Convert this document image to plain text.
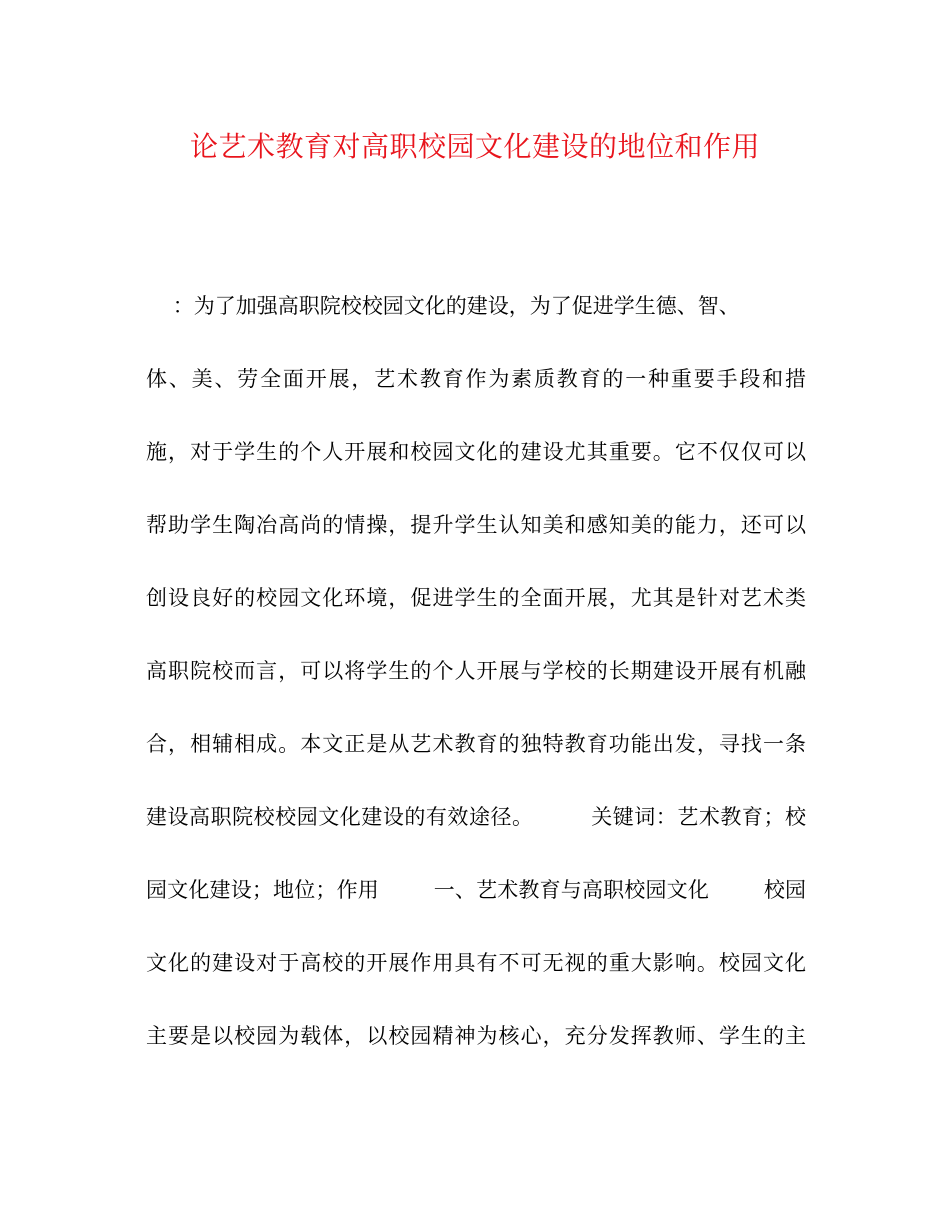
论艺术教育对高职校园文化建设的地位和作用
：为了加强高职院校校园文化的建设，为了促进学生德、智、
体、美、劳全面开展，艺术教育作为素质教育的一种重要手段和措
施，对于学生的个人开展和校园文化的建设尤其重要。它不仅仅可以
帮助学生陶冶高尚的情操，提升学生认知美和感知美的能力，还可以
创设良好的校园文化环境，促进学生的全面开展，尤其是针对艺术类
高职院校而言，可以将学生的个人开展与学校的长期建设开展有机融
合，相辅相成。本文正是从艺术教育的独特教育功能出发，寻找一条
建设高职院校校园文化建设的有效途径。        关键词：艺术教育；校
园文化建设；地位；作用        一、艺术教育与高职校园文化        校园
文化的建设对于高校的开展作用具有不可无视的重大影响。校园文化
主要是以校园为载体，以校园精神为核心，充分发挥教师、学生的主
